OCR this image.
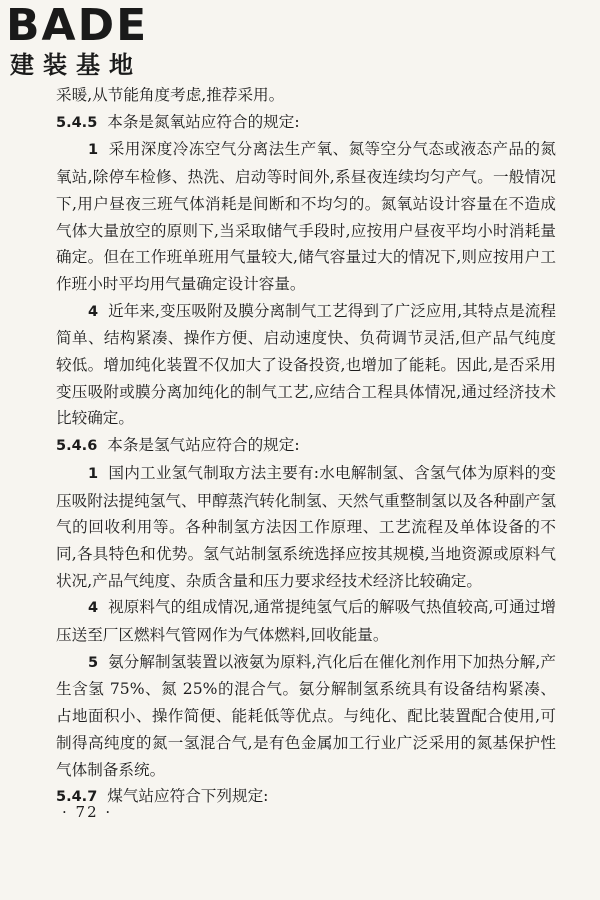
BADE
建装基地

采暖,从节能角度考虑,推荐采用。

5.4.5 本条是氮氧站应符合的规定:

1 采用深度冷冻空气分离法生产氧、氮等空分气态或液态产品的氮氧站,除停车检修、热洗、启动等时间外,系昼夜连续均匀产气。一般情况下,用户昼夜三班气体消耗是间断和不均匀的。氮氧站设计容量在不造成气体大量放空的原则下,当采取储气手段时,应按用户昼夜平均小时消耗量确定。但在工作班单班用气量较大,储气容量过大的情况下,则应按用户工作班小时平均用气量确定设计容量。

4 近年来,变压吸附及膜分离制气工艺得到了广泛应用,其特点是流程简单、结构紧凑、操作方便、启动速度快、负荷调节灵活,但产品气纯度较低。增加纯化装置不仅加大了设备投资,也增加了能耗。因此,是否采用变压吸附或膜分离加纯化的制气工艺,应结合工程具体情况,通过经济技术比较确定。

5.4.6 本条是氢气站应符合的规定:

1 国内工业氢气制取方法主要有:水电解制氢、含氢气体为原料的变压吸附法提纯氢气、甲醇蒸汽转化制氢、天然气重整制氢以及各种副产氢气的回收利用等。各种制氢方法因工作原理、工艺流程及单体设备的不同,各具特色和优势。氢气站制氢系统选择应按其规模,当地资源或原料气状况,产品气纯度、杂质含量和压力要求经技术经济比较确定。

4 视原料气的组成情况,通常提纯氢气后的解吸气热值较高,可通过增压送至厂区燃料气管网作为气体燃料,回收能量。

5 氨分解制氢装置以液氨为原料,汽化后在催化剂作用下加热分解,产生含氢 75%、氮 25%的混合气。氨分解制氢系统具有设备结构紧凑、占地面积小、操作简便、能耗低等优点。与纯化、配比装置配合使用,可制得高纯度的氮一氢混合气,是有色金属加工行业广泛采用的氮基保护性气体制备系统。

5.4.7 煤气站应符合下列规定:

· 72 ·
